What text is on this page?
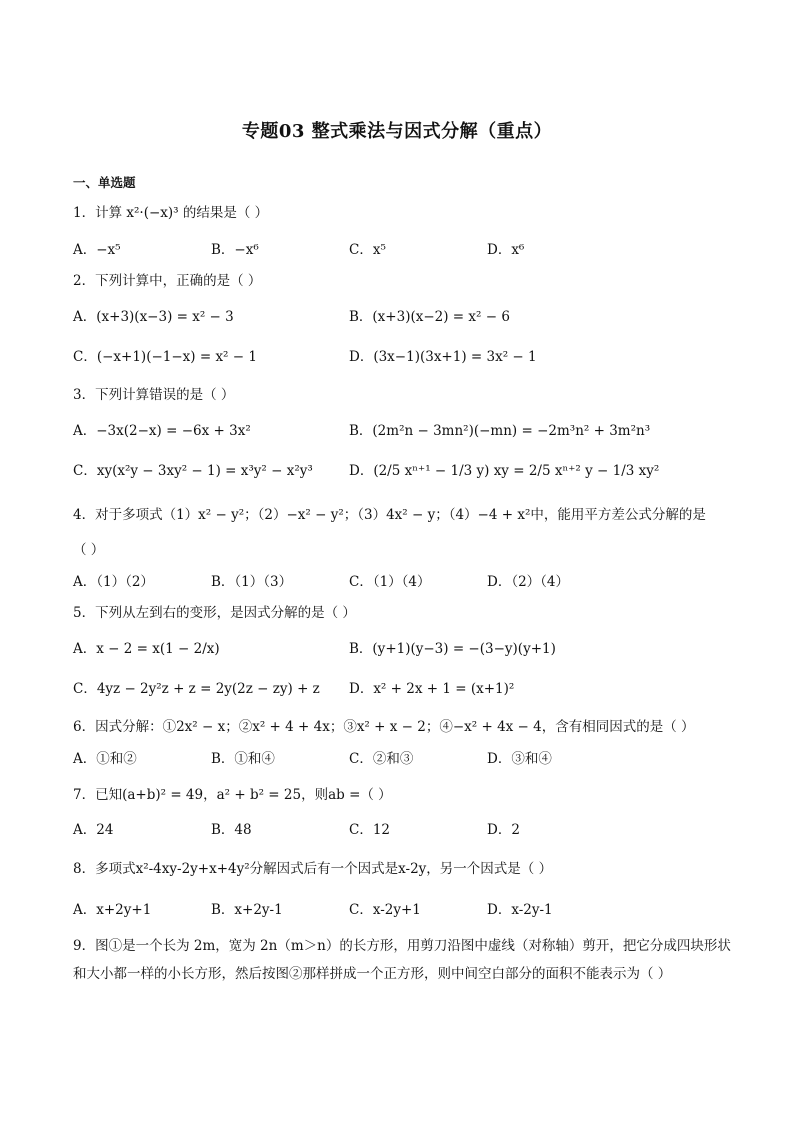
专题03 整式乘法与因式分解（重点）
一、单选题
1．计算 x²·(−x)³ 的结果是（ ）
A．−x⁵	B．−x⁶	C．x⁵	D．x⁶
2．下列计算中，正确的是（ ）
A．(x+3)(x−3) = x² − 3	B．(x+3)(x−2) = x² − 6
C．(−x+1)(−1−x) = x² − 1	D．(3x−1)(3x+1) = 3x² − 1
3．下列计算错误的是（ ）
A．−3x(2−x) = −6x + 3x²	B．(2m²n − 3mn²)(−mn) = −2m³n² + 3m²n³
C．xy(x²y − 3xy² − 1) = x³y² − x²y³	D．(2/5 xⁿ⁺¹ − 1/3 y) xy = 2/5 xⁿ⁺² y − 1/3 xy²
4．对于多项式（1）x² − y²；（2）−x² − y²；（3）4x² − y；（4）−4 + x²中，能用平方差公式分解的是
（ ）
A．（1）（2）	B．（1）（3）	C．（1）（4）	D．（2）（4）
5．下列从左到右的变形，是因式分解的是（ ）
A．x − 2 = x(1 − 2/x)	B．(y+1)(y−3) = −(3−y)(y+1)
C．4yz − 2y²z + z = 2y(2z − zy) + z D．x² + 2x + 1 = (x+1)²
6．因式分解：①2x² − x；②x² + 4 + 4x；③x² + x − 2；④−x² + 4x − 4，含有相同因式的是（ ）
A．①和②	B．①和④	C．②和③	D．③和④
7．已知(a+b)² = 49，a² + b² = 25，则ab =（ ）
A．24	B．48	C．12	D．2
8．多项式x²-4xy-2y+x+4y²分解因式后有一个因式是x-2y，另一个因式是（ ）
A．x+2y+1	B．x+2y-1	C．x-2y+1	D．x-2y-1
9．图①是一个长为 2m，宽为 2n（m＞n）的长方形，用剪刀沿图中虚线（对称轴）剪开，把它分成四块形状和大小都一样的小长方形，然后按图②那样拼成一个正方形，则中间空白部分的面积不能表示为（ ）
